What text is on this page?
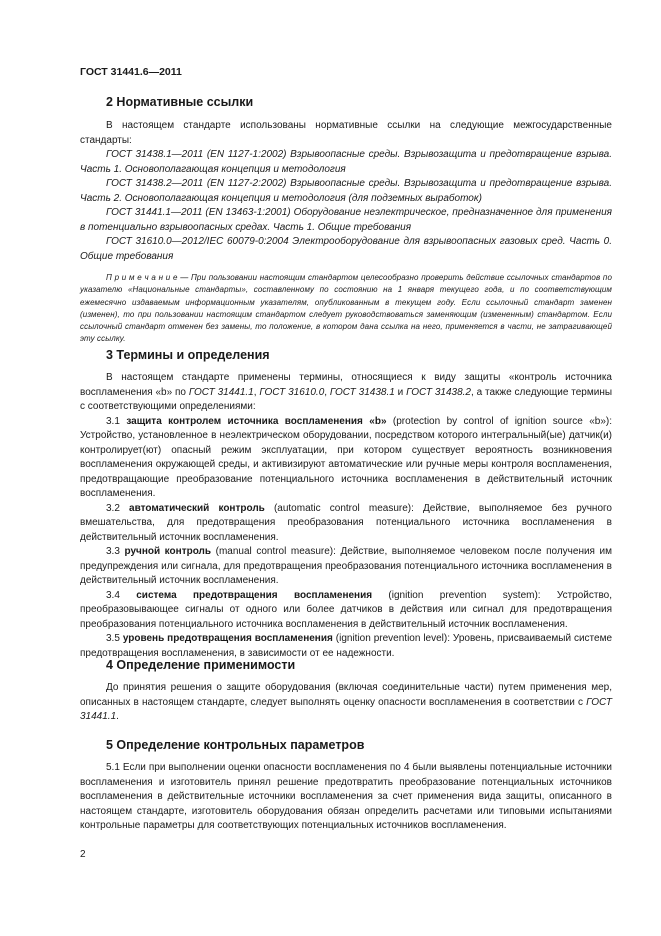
ГОСТ 31441.6—2011
2 Нормативные ссылки

В настоящем стандарте использованы нормативные ссылки на следующие межгосударственные стандарты:

ГОСТ 31438.1—2011 (EN 1127-1:2002) Взрывоопасные среды. Взрывозащита и предотвращение взрыва. Часть 1. Основополагающая концепция и методология

ГОСТ 31438.2—2011 (EN 1127-2:2002) Взрывоопасные среды. Взрывозащита и предотвращение взрыва. Часть 2. Основополагающая концепция и методология (для подземных выработок)

ГОСТ 31441.1—2011 (EN 13463-1:2001) Оборудование неэлектрическое, предназначенное для применения в потенциально взрывоопасных средах. Часть 1. Общие требования

ГОСТ 31610.0—2012/IEC 60079-0:2004 Электрооборудование для взрывоопасных газовых сред. Часть 0. Общие требования

П р и м е ч а н и е — При пользовании настоящим стандартом целесообразно проверить действие ссылочных стандартов по указателю «Национальные стандарты», составленному по состоянию на 1 января текущего года, и по соответствующим ежемесячно издаваемым информационным указателям, опубликованным в текущем году. Если ссылочный стандарт заменен (изменен), то при пользовании настоящим стандартом следует руководствоваться заменяющим (измененным) стандартом. Если ссылочный стандарт отменен без замены, то положение, в котором дана ссылка на него, применяется в части, не затрагивающей эту ссылку.
3 Термины и определения

В настоящем стандарте применены термины, относящиеся к виду защиты «контроль источника воспламенения «b» по ГОСТ 31441.1, ГОСТ 31610.0, ГОСТ 31438.1 и ГОСТ 31438.2, а также следующие термины с соответствующими определениями:

3.1 защита контролем источника воспламенения «b» (protection by control of ignition source «b»): Устройство, установленное в неэлектрическом оборудовании, посредством которого интегральный(ые) датчик(и) контролирует(ют) опасный режим эксплуатации, при котором существует вероятность возникновения воспламенения окружающей среды, и активизируют автоматические или ручные меры контроля воспламенения, предотвращающие преобразование потенциального источника воспламенения в действительный источник воспламенения.

3.2 автоматический контроль (automatic control measure): Действие, выполняемое без ручного вмешательства, для предотвращения преобразования потенциального источника воспламенения в действительный источник воспламенения.

3.3 ручной контроль (manual control measure): Действие, выполняемое человеком после получения им предупреждения или сигнала, для предотвращения преобразования потенциального источника воспламенения в действительный источник воспламенения.

3.4 система предотвращения воспламенения (ignition prevention system): Устройство, преобразовывающее сигналы от одного или более датчиков в действия или сигнал для предотвращения преобразования потенциального источника воспламенения в действительный источник воспламенения.

3.5 уровень предотвращения воспламенения (ignition prevention level): Уровень, присваиваемый системе предотвращения воспламенения, в зависимости от ее надежности.

4 Определение применимости

До принятия решения о защите оборудования (включая соединительные части) путем применения мер, описанных в настоящем стандарте, следует выполнять оценку опасности воспламенения в соответствии с ГОСТ 31441.1.

5 Определение контрольных параметров

5.1 Если при выполнении оценки опасности воспламенения по 4 были выявлены потенциальные источники воспламенения и изготовитель принял решение предотвратить преобразование потенциальных источников воспламенения в действительные источники воспламенения за счет применения вида защиты, описанного в настоящем стандарте, изготовитель оборудования обязан определить расчетами или типовыми испытаниями контрольные параметры для соответствующих потенциальных источников воспламенения.

2
